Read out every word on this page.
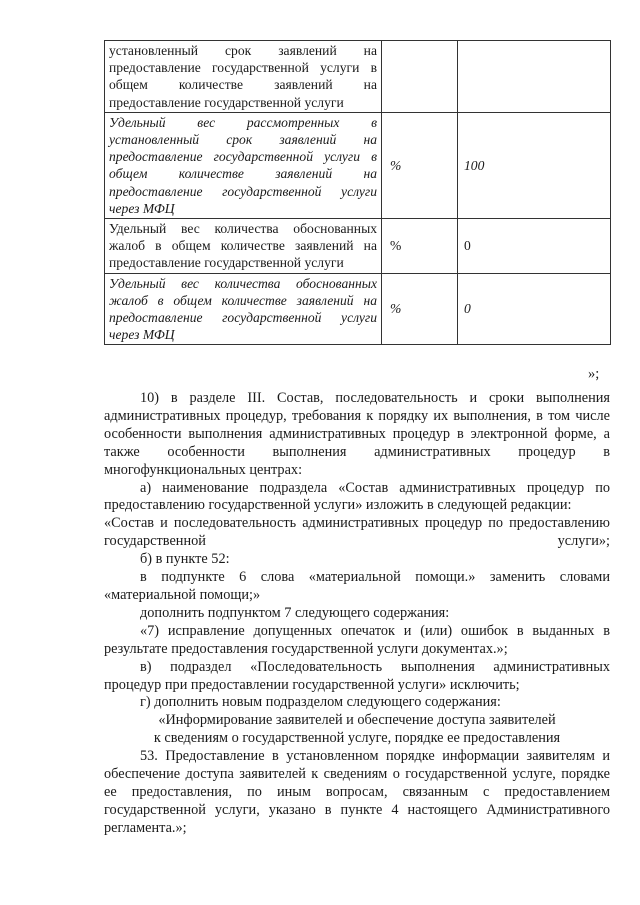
установленный срок заявлений на предоставление государственной услуги в общем количестве заявлений на предоставление государственной услуги		
Удельный вес рассмотренных в установленный срок заявлений на предоставление государственной услуги в общем количестве заявлений на предоставление государственной услуги через МФЦ	%	100
Удельный вес количества обоснованных жалоб в общем количестве заявлений на предоставление государственной услуги	%	0
Удельный вес количества обоснованных жалоб в общем количестве заявлений на предоставление государственной услуги через МФЦ	%	0
»;

10) в разделе III. Состав, последовательность и сроки выполнения административных процедур, требования к порядку их выполнения, в том числе особенности выполнения административных процедур в электронной форме, а также особенности выполнения административных процедур в многофункциональных центрах:

а) наименование подраздела «Состав административных процедур по предоставлению государственной услуги» изложить в следующей редакции:

«Состав и последовательность административных процедур по предоставлению государственной услуги»;

б) в пункте 52:

в подпункте 6 слова «материальной помощи.» заменить словами «материальной помощи;»

дополнить подпунктом 7 следующего содержания:

«7) исправление допущенных опечаток и (или) ошибок в выданных в результате предоставления государственной услуги документах.»;

в) подраздел «Последовательность выполнения административных процедур при предоставлении государственной услуги» исключить;

г) дополнить новым подразделом следующего содержания:

«Информирование заявителей и обеспечение доступа заявителей

к сведениям о государственной услуге, порядке ее предоставления

53. Предоставление в установленном порядке информации заявителям и обеспечение доступа заявителей к сведениям о государственной услуге, порядке ее предоставления, по иным вопросам, связанным с предоставлением государственной услуги, указано в пункте 4 настоящего Административного регламента.»;
